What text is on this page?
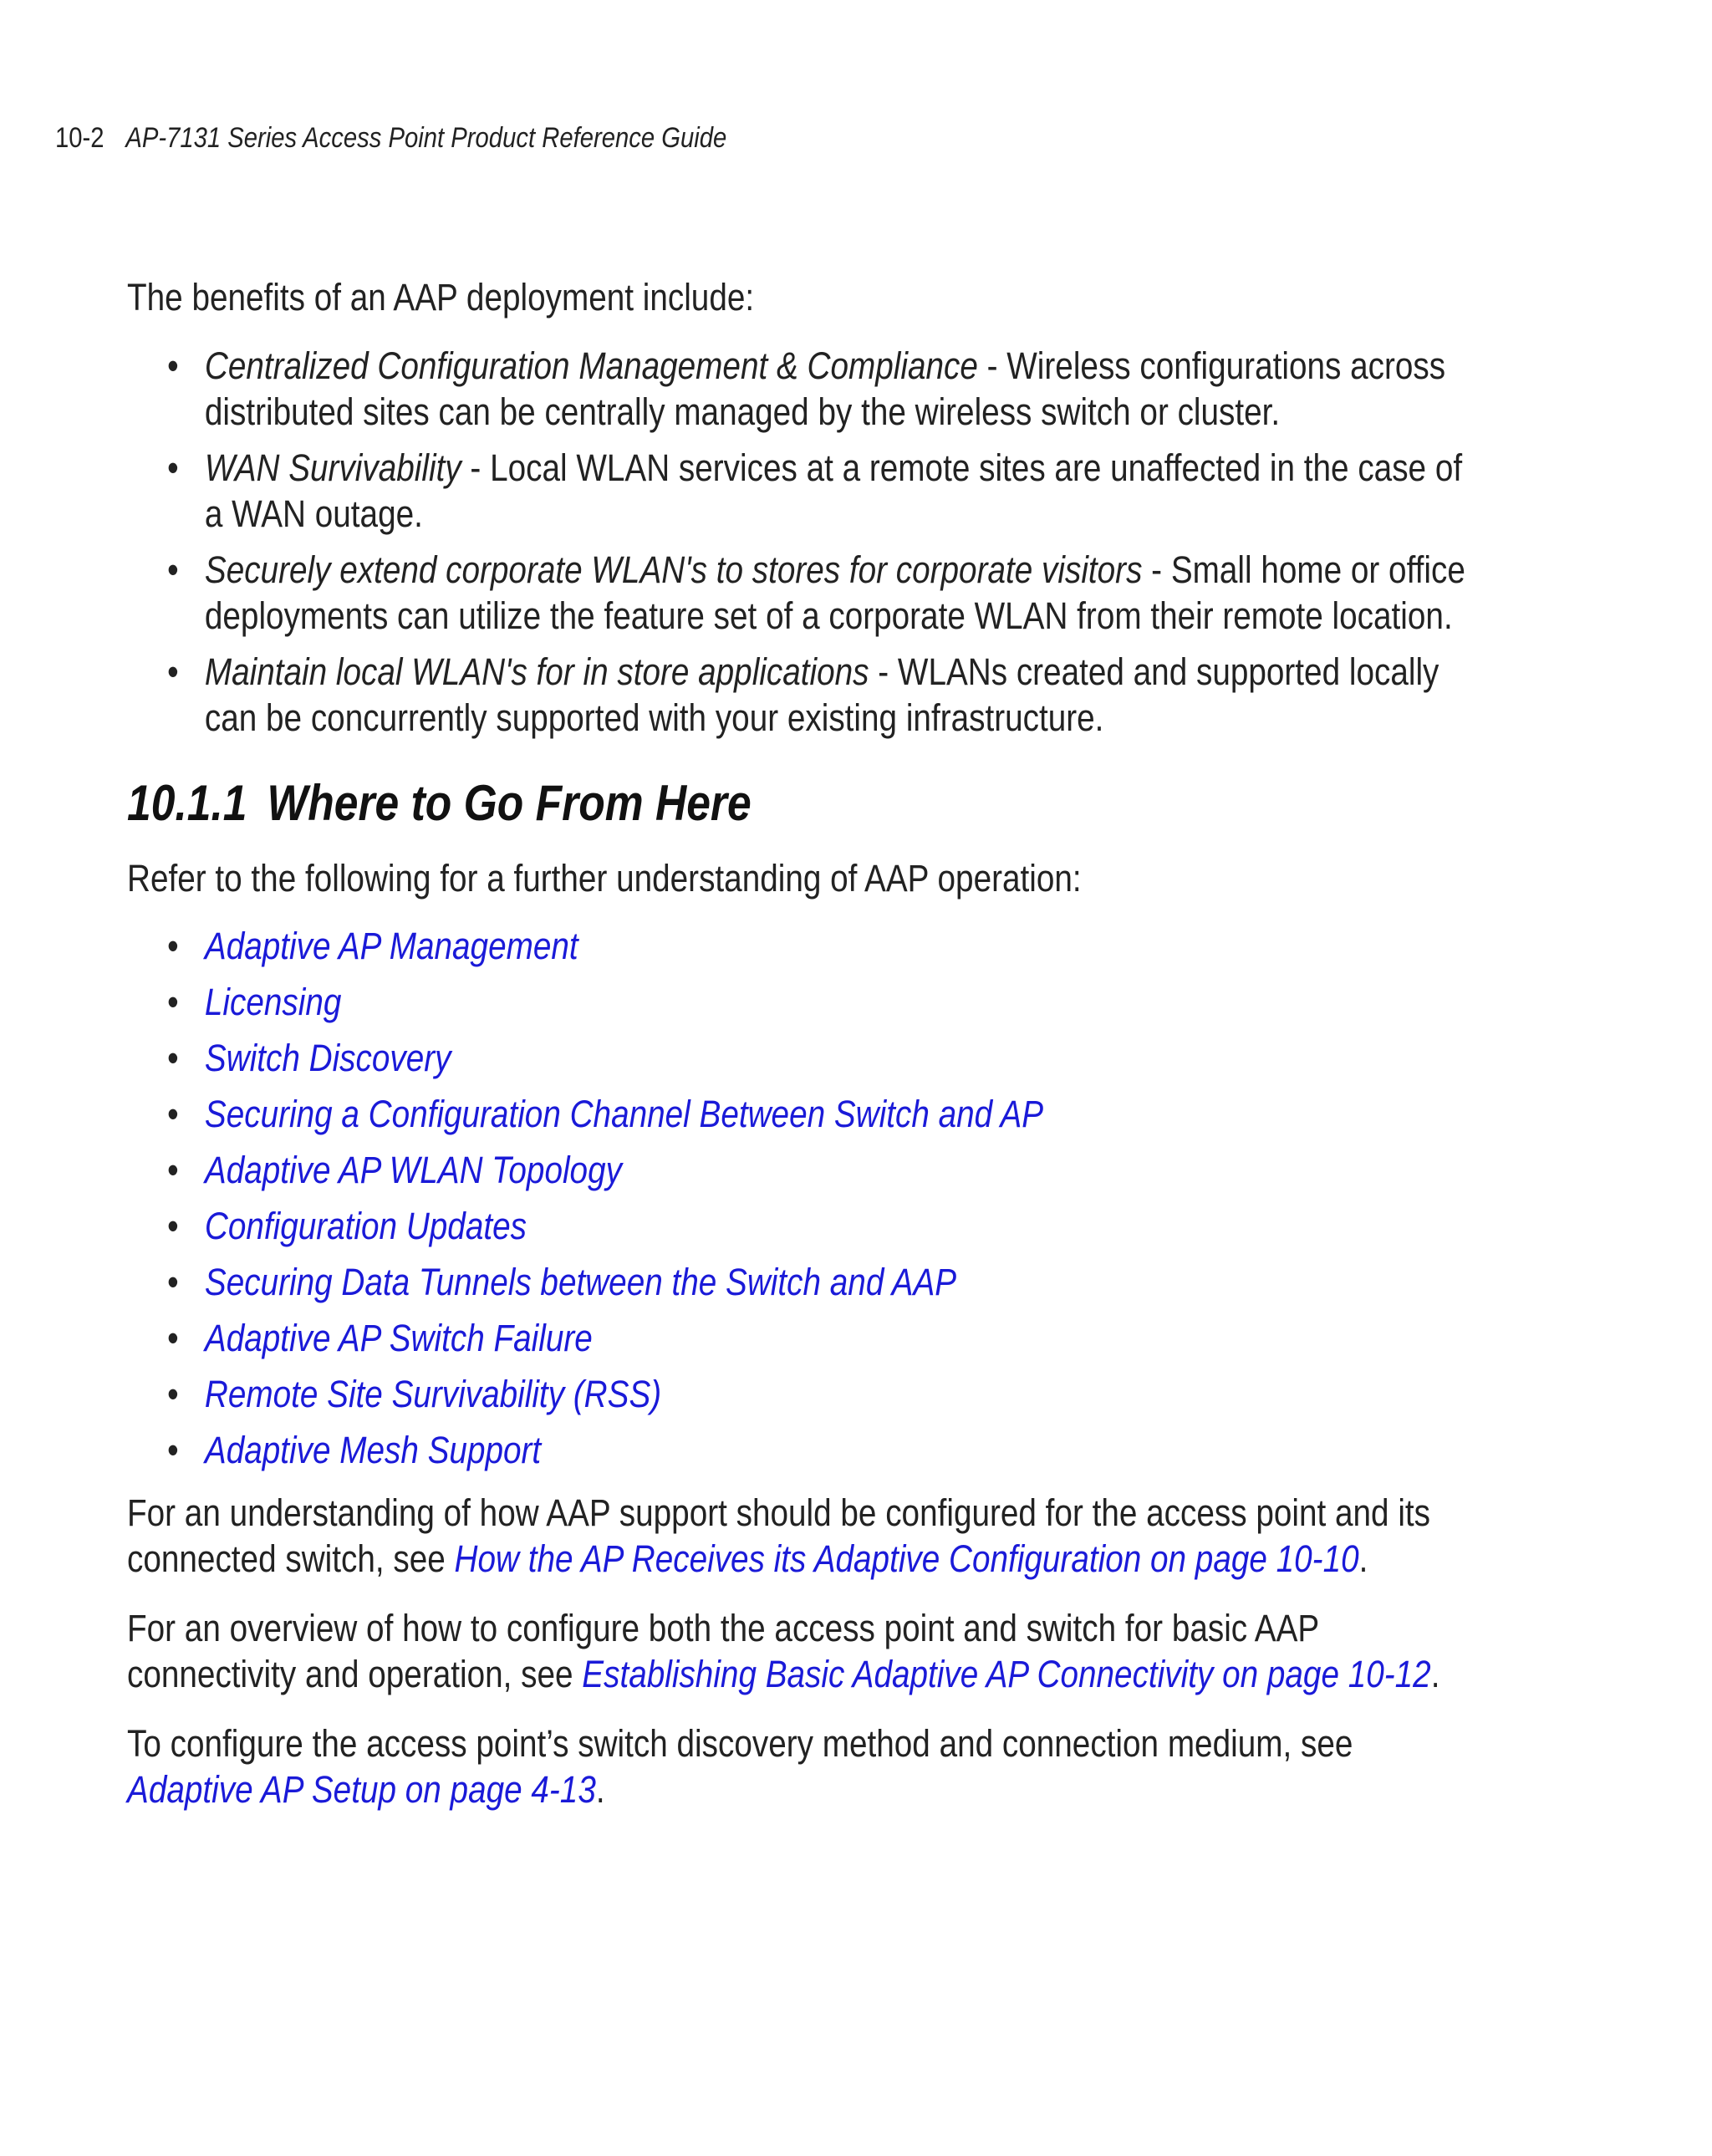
10-2 AP-7131 Series Access Point Product Reference Guide

The benefits of an AAP deployment include:

• Centralized Configuration Management & Compliance - Wireless configurations across distributed sites can be centrally managed by the wireless switch or cluster.
• WAN Survivability - Local WLAN services at a remote sites are unaffected in the case of a WAN outage.
• Securely extend corporate WLAN's to stores for corporate visitors - Small home or office deployments can utilize the feature set of a corporate WLAN from their remote location.
• Maintain local WLAN's for in store applications - WLANs created and supported locally can be concurrently supported with your existing infrastructure.

10.1.1 Where to Go From Here

Refer to the following for a further understanding of AAP operation:

• Adaptive AP Management
• Licensing
• Switch Discovery
• Securing a Configuration Channel Between Switch and AP
• Adaptive AP WLAN Topology
• Configuration Updates
• Securing Data Tunnels between the Switch and AAP
• Adaptive AP Switch Failure
• Remote Site Survivability (RSS)
• Adaptive Mesh Support

For an understanding of how AAP support should be configured for the access point and its connected switch, see How the AP Receives its Adaptive Configuration on page 10-10.

For an overview of how to configure both the access point and switch for basic AAP connectivity and operation, see Establishing Basic Adaptive AP Connectivity on page 10-12.

To configure the access point’s switch discovery method and connection medium, see
Adaptive AP Setup on page 4-13.
